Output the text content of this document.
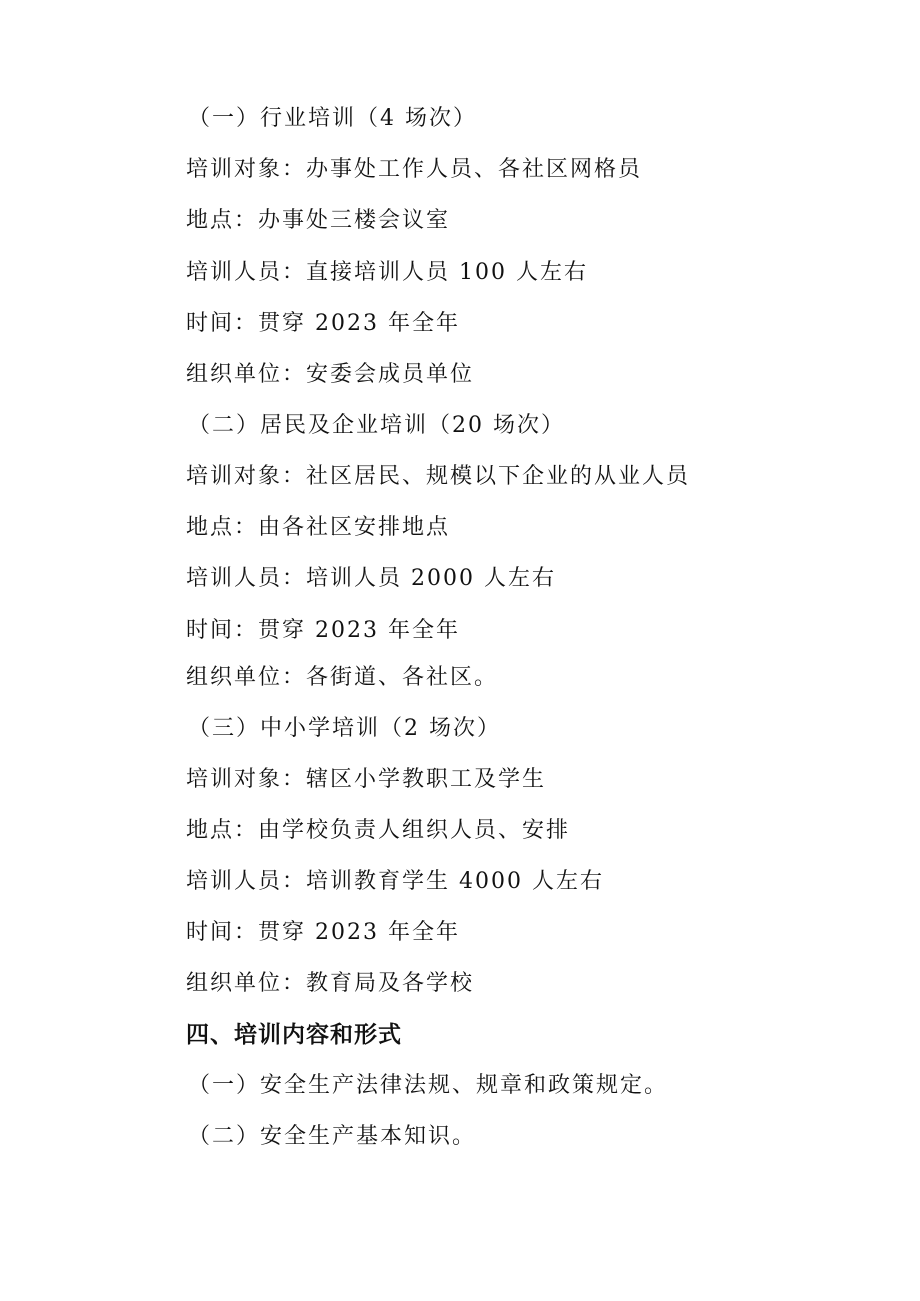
（一）行业培训（4 场次）
培训对象：办事处工作人员、各社区网格员
地点：办事处三楼会议室
培训人员：直接培训人员 100 人左右
时间：贯穿 2023 年全年
组织单位：安委会成员单位
（二）居民及企业培训（20 场次）
培训对象：社区居民、规模以下企业的从业人员
地点：由各社区安排地点
培训人员：培训人员 2000 人左右
时间：贯穿 2023 年全年
组织单位：各街道、各社区。
（三）中小学培训（2 场次）
培训对象：辖区小学教职工及学生
地点：由学校负责人组织人员、安排
培训人员：培训教育学生 4000 人左右
时间：贯穿 2023 年全年
组织单位：教育局及各学校
四、培训内容和形式
（一）安全生产法律法规、规章和政策规定。
（二）安全生产基本知识。
